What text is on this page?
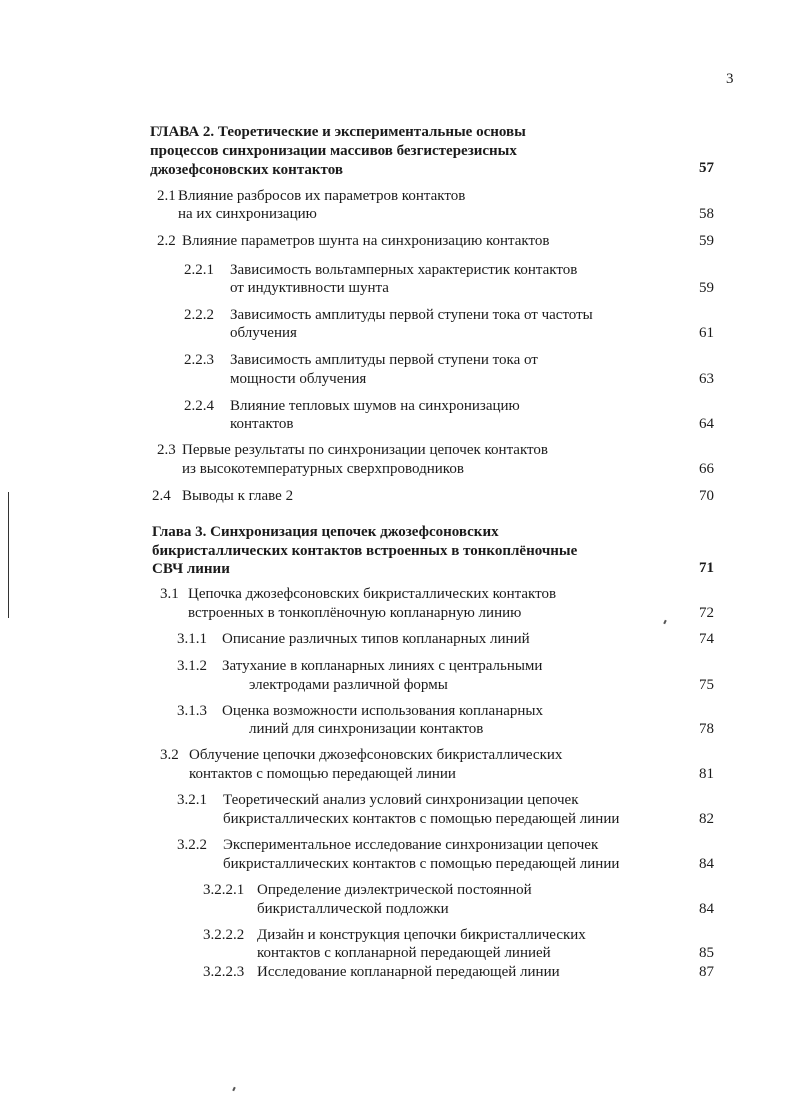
3
ГЛАВА 2. Теоретические и экспериментальные основы
процессов синхронизации массивов безгистерезисных
джозефсоновских контактов	57
2.1 Влияние разбросов их параметров контактов
на их синхронизацию	58
2.2 Влияние параметров шунта на синхронизацию контактов	59
2.2.1 Зависимость вольтамперных характеристик контактов
от индуктивности шунта	59
2.2.2 Зависимость амплитуды первой ступени тока от частоты
облучения	61
2.2.3 Зависимость амплитуды первой ступени тока от
мощности облучения	63
2.2.4 Влияние тепловых шумов на синхронизацию
контактов	64
2.3 Первые результаты по синхронизации цепочек контактов
из высокотемпературных сверхпроводников	66
2.4 Выводы к главе 2	70
Глава 3. Синхронизация цепочек джозефсоновских
бикристаллических контактов встроенных в тонкоплёночные
СВЧ линии	71
3.1 Цепочка джозефсоновских бикристаллических контактов
встроенных в тонкоплёночную копланарную линию	72
3.1.1 Описание различных типов копланарных линий	74
3.1.2 Затухание в копланарных линиях с центральными
электродами различной формы	75
3.1.3 Оценка возможности использования копланарных
линий для синхронизации контактов	78
3.2 Облучение цепочки джозефсоновских бикристаллических
контактов с помощью передающей линии	81
3.2.1 Теоретический анализ условий синхронизации цепочек
бикристаллических контактов с помощью передающей линии	82
3.2.2 Экспериментальное исследование синхронизации цепочек
бикристаллических контактов с помощью передающей линии	84
3.2.2.1 Определение диэлектрической постоянной
бикристаллической подложки	84
3.2.2.2 Дизайн и конструкция цепочки бикристаллических
контактов с копланарной передающей линией	85
3.2.2.3 Исследование копланарной передающей линии	87
